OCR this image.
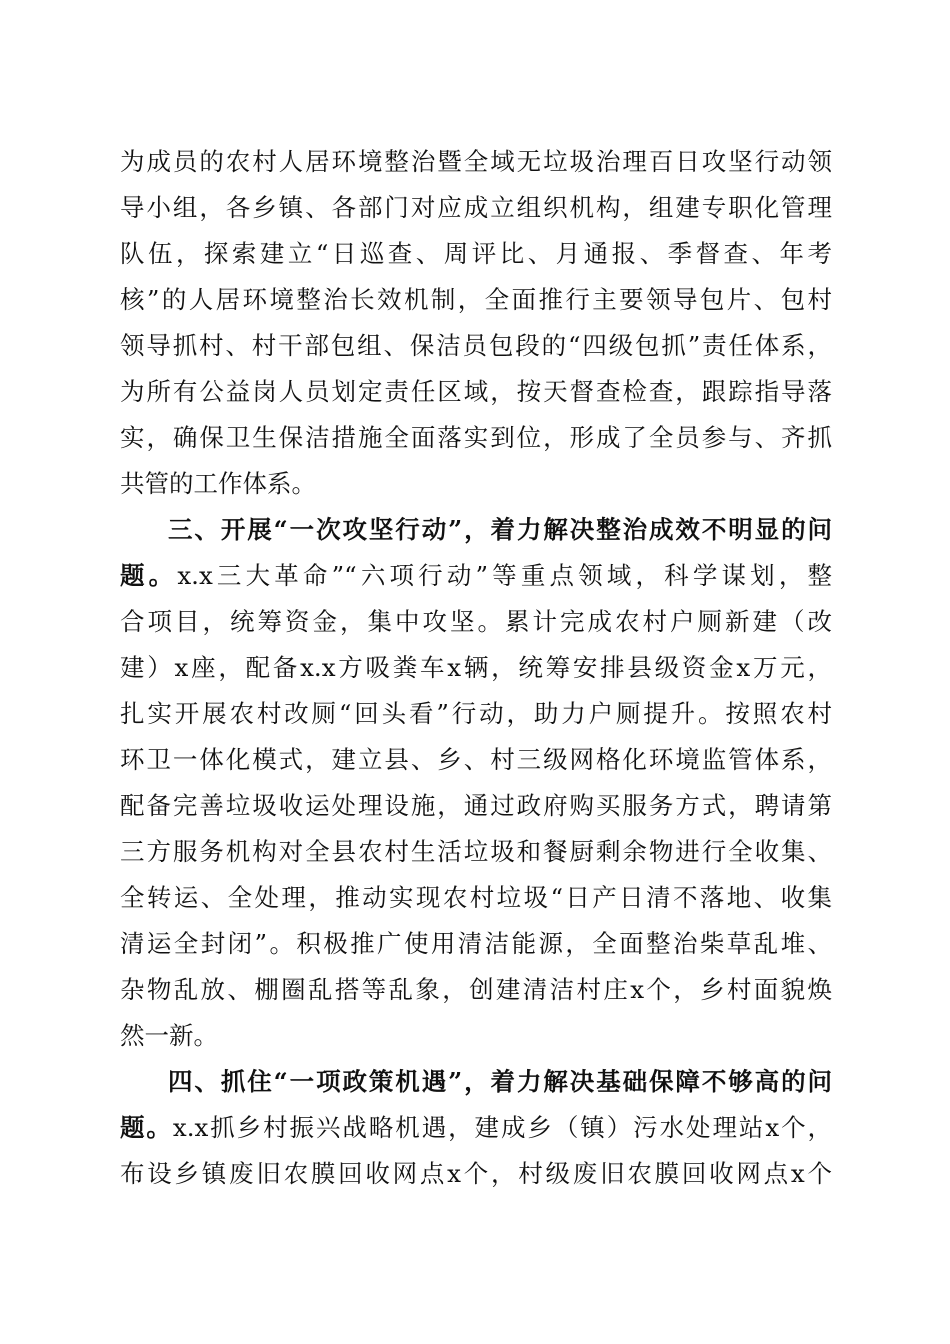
为成员的农村人居环境整治暨全域无垃圾治理百日攻坚行动领

导小组，各乡镇、各部门对应成立组织机构，组建专职化管理

队伍，探索建立“日巡查、周评比、月通报、季督查、年考

核”的人居环境整治长效机制，全面推行主要领导包片、包村

领导抓村、村干部包组、保洁员包段的“四级包抓”责任体系，

为所有公益岗人员划定责任区域，按天督查检查，跟踪指导落

实，确保卫生保洁措施全面落实到位，形成了全员参与、齐抓

共管的工作体系。

三、开展“一次攻坚行动”，着力解决整治成效不明显的问

题。x.x三大革命”“六项行动”等重点领域，科学谋划，整

合项目，统筹资金，集中攻坚。累计完成农村户厕新建（改

建）x座，配备x.x方吸粪车x辆，统筹安排县级资金x万元，

扎实开展农村改厕“回头看”行动，助力户厕提升。按照农村

环卫一体化模式，建立县、乡、村三级网格化环境监管体系，

配备完善垃圾收运处理设施，通过政府购买服务方式，聘请第

三方服务机构对全县农村生活垃圾和餐厨剩余物进行全收集、

全转运、全处理，推动实现农村垃圾“日产日清不落地、收集

清运全封闭”。积极推广使用清洁能源，全面整治柴草乱堆、

杂物乱放、棚圈乱搭等乱象，创建清洁村庄x个，乡村面貌焕

然一新。

四、抓住“一项政策机遇”，着力解决基础保障不够高的问

题。x.x抓乡村振兴战略机遇，建成乡（镇）污水处理站x个，

布设乡镇废旧农膜回收网点x个，村级废旧农膜回收网点x个
